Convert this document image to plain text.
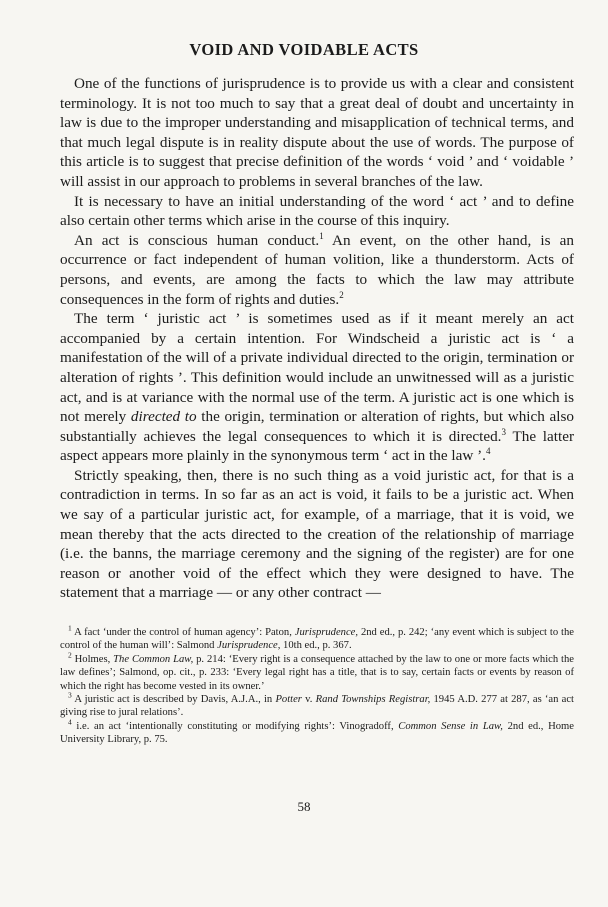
VOID AND VOIDABLE ACTS

One of the functions of jurisprudence is to provide us with a clear and consistent terminology. It is not too much to say that a great deal of doubt and uncertainty in law is due to the improper understanding and misapplication of technical terms, and that much legal dispute is in reality dispute about the use of words. The purpose of this article is to suggest that precise definition of the words ‘ void ’ and ‘ voidable ’ will assist in our approach to problems in several branches of the law.

It is necessary to have an initial understanding of the word ‘ act ’ and to define also certain other terms which arise in the course of this inquiry.

An act is conscious human conduct.$^1$ An event, on the other hand, is an occurrence or fact independent of human volition, like a thunderstorm. Acts of persons, and events, are among the facts to which the law may attribute consequences in the form of rights and duties.$^2$

The term ‘ juristic act ’ is sometimes used as if it meant merely an act accompanied by a certain intention. For Windscheid a juristic act is ‘ a manifestation of the will of a private individual directed to the origin, termination or alteration of rights ’. This definition would include an unwitnessed will as a juristic act, and is at variance with the normal use of the term. A juristic act is one which is not merely directed to the origin, termination or alteration of rights, but which also substantially achieves the legal consequences to which it is directed.$^3$ The latter aspect appears more plainly in the synonymous term ‘ act in the law ’.$^4$

Strictly speaking, then, there is no such thing as a void juristic act, for that is a contradiction in terms. In so far as an act is void, it fails to be a juristic act. When we say of a particular juristic act, for example, of a marriage, that it is void, we mean thereby that the acts directed to the creation of the relationship of marriage (i.e. the banns, the marriage ceremony and the signing of the register) are for one reason or another void of the effect which they were designed to have. The statement that a marriage — or any other contract —

$^1$ A fact ‘under the control of human agency’: Paton, Jurisprudence, 2nd ed., p. 242; ‘any event which is subject to the control of the human will’: Salmond Jurisprudence, 10th ed., p. 367.

$^2$ Holmes, The Common Law, p. 214: ‘Every right is a consequence attached by the law to one or more facts which the law defines’; Salmond, op. cit., p. 233: ‘Every legal right has a title, that is to say, certain facts or events by reason of which the right has become vested in its owner.’

$^3$ A juristic act is described by Davis, A.J.A., in Potter v. Rand Townships Registrar, 1945 A.D. 277 at 287, as ‘an act giving rise to jural relations’.

$^4$ i.e. an act ‘intentionally constituting or modifying rights’: Vinogradoff, Common Sense in Law, 2nd ed., Home University Library, p. 75.

58
